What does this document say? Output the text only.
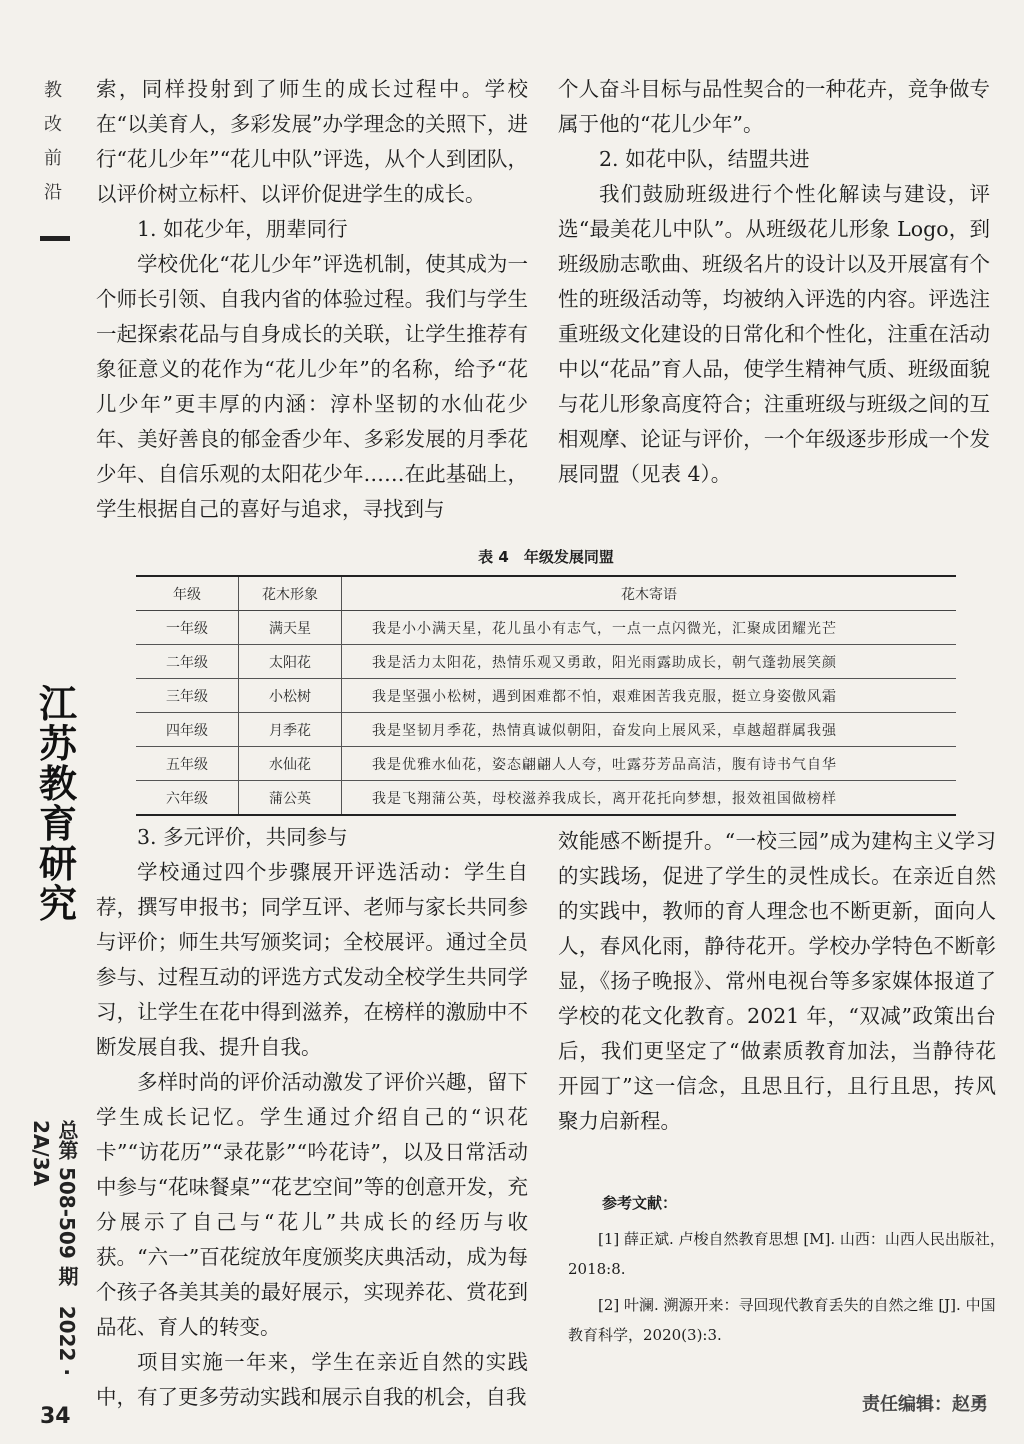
教改前沿
江苏教育研究
总第 508-509 期　2022 · 2A/3A
34

索，同样投射到了师生的成长过程中。学校在“以美育人，多彩发展”办学理念的关照下，进行“花儿少年”“花儿中队”评选，从个人到团队，以评价树立标杆、以评价促进学生的成长。

1. 如花少年，朋辈同行

学校优化“花儿少年”评选机制，使其成为一个师长引领、自我内省的体验过程。我们与学生一起探索花品与自身成长的关联，让学生推荐有象征意义的花作为“花儿少年”的名称，给予“花儿少年”更丰厚的内涵：淳朴坚韧的水仙花少年、美好善良的郁金香少年、多彩发展的月季花少年、自信乐观的太阳花少年……在此基础上，学生根据自己的喜好与追求，寻找到与

个人奋斗目标与品性契合的一种花卉，竞争做专属于他的“花儿少年”。

2. 如花中队，结盟共进

我们鼓励班级进行个性化解读与建设，评选“最美花儿中队”。从班级花儿形象 Logo，到班级励志歌曲、班级名片的设计以及开展富有个性的班级活动等，均被纳入评选的内容。评选注重班级文化建设的日常化和个性化，注重在活动中以“花品”育人品，使学生精神气质、班级面貌与花儿形象高度符合；注重班级与班级之间的互相观摩、论证与评价，一个年级逐步形成一个发展同盟（见表 4）。

表 4　年级发展同盟
年级	花木形象	花木寄语
一年级	满天星	我是小小满天星，花儿虽小有志气，一点一点闪微光，汇聚成团耀光芒
二年级	太阳花	我是活力太阳花，热情乐观又勇敢，阳光雨露助成长，朝气蓬勃展笑颜
三年级	小松树	我是坚强小松树，遇到困难都不怕，艰难困苦我克服，挺立身姿傲风霜
四年级	月季花	我是坚韧月季花，热情真诚似朝阳，奋发向上展风采，卓越超群属我强
五年级	水仙花	我是优雅水仙花，姿态翩翩人人夸，吐露芬芳品高洁，腹有诗书气自华
六年级	蒲公英	我是飞翔蒲公英，母校滋养我成长，离开花托向梦想，报效祖国做榜样

3. 多元评价，共同参与

学校通过四个步骤展开评选活动：学生自荐，撰写申报书；同学互评、老师与家长共同参与评价；师生共写颁奖词；全校展评。通过全员参与、过程互动的评选方式发动全校学生共同学习，让学生在花中得到滋养，在榜样的激励中不断发展自我、提升自我。

多样时尚的评价活动激发了评价兴趣，留下学生成长记忆。学生通过介绍自己的“识花卡”“访花历”“录花影”“吟花诗”，以及日常活动中参与“花味餐桌”“花艺空间”等的创意开发，充分展示了自己与“花儿”共成长的经历与收获。“六一”百花绽放年度颁奖庆典活动，成为每个孩子各美其美的最好展示，实现养花、赏花到品花、育人的转变。

项目实施一年来，学生在亲近自然的实践中，有了更多劳动实践和展示自我的机会，自我

效能感不断提升。“一校三园”成为建构主义学习的实践场，促进了学生的灵性成长。在亲近自然的实践中，教师的育人理念也不断更新，面向人人，春风化雨，静待花开。学校办学特色不断彰显，《扬子晚报》、常州电视台等多家媒体报道了学校的花文化教育。2021 年，“双减”政策出台后，我们更坚定了“做素质教育加法，当静待花开园丁”这一信念，且思且行，且行且思，抟风聚力启新程。

参考文献：

[1] 薛正斌. 卢梭自然教育思想 [M]. 山西：山西人民出版社，2018:8.

[2] 叶澜. 溯源开来：寻回现代教育丢失的自然之维 [J]. 中国教育科学，2020(3):3.

责任编辑：赵勇
